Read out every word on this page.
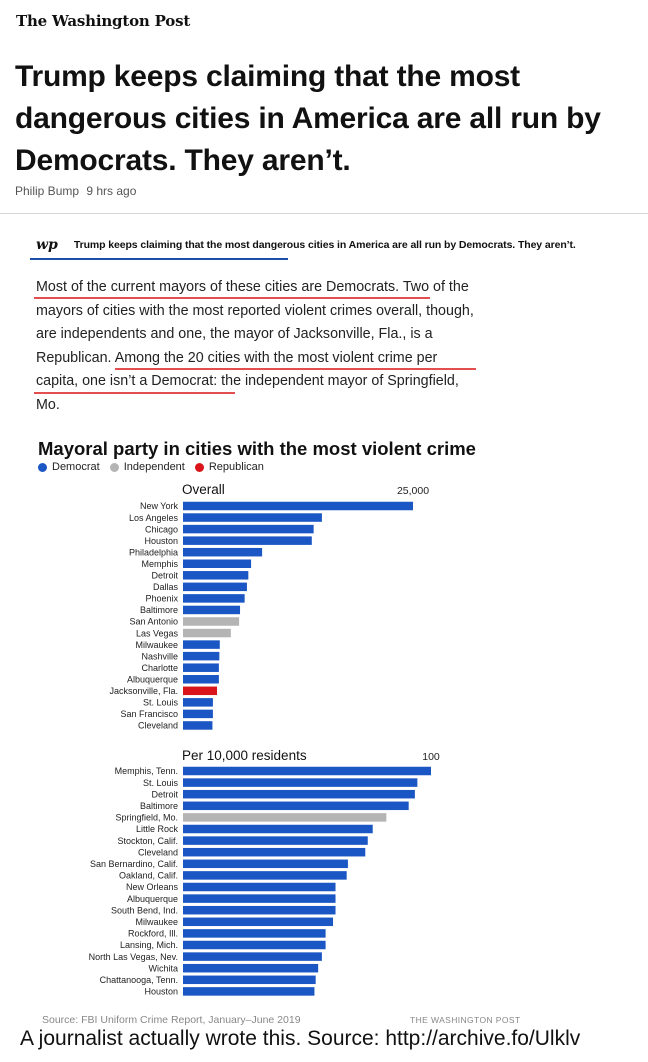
The Washington Post
Trump keeps claiming that the most
dangerous cities in America are all run by
Democrats. They aren’t.
Philip Bump 9 hrs ago
wp Trump keeps claiming that the most dangerous cities in America are all run by Democrats. They aren’t.
Most of the current mayors of these cities are Democrats. Two of the
mayors of cities with the most reported violent crimes overall, though,
are independents and one, the mayor of Jacksonville, Fla., is a
Republican. Among the 20 cities with the most violent crime per
capita, one isn’t a Democrat: the independent mayor of Springfield,
Mo.
Mayoral party in cities with the most violent crime
Democrat Independent Republican
Overall	25,000
New York
Los Angeles
Chicago
Houston
Philadelphia
Memphis
Detroit
Dallas
Phoenix
Baltimore
San Antonio
Las Vegas
Milwaukee
Nashville
Charlotte
Albuquerque
Jacksonville, Fla.
St. Louis
San Francisco
Cleveland
Per 10,000 residents	100
Memphis, Tenn.
St. Louis
Detroit
Baltimore
Springfield, Mo.
Little Rock
Stockton, Calif.
Cleveland
San Bernardino, Calif.
Oakland, Calif.
New Orleans
Albuquerque
South Bend, Ind.
Milwaukee
Rockford, Ill.
Lansing, Mich.
North Las Vegas, Nev.
Wichita
Chattanooga, Tenn.
Houston
Source: FBI Uniform Crime Report, January–June 2019	THE WASHINGTON POST
A journalist actually wrote this. Source: http://archive.fo/Ulklv
